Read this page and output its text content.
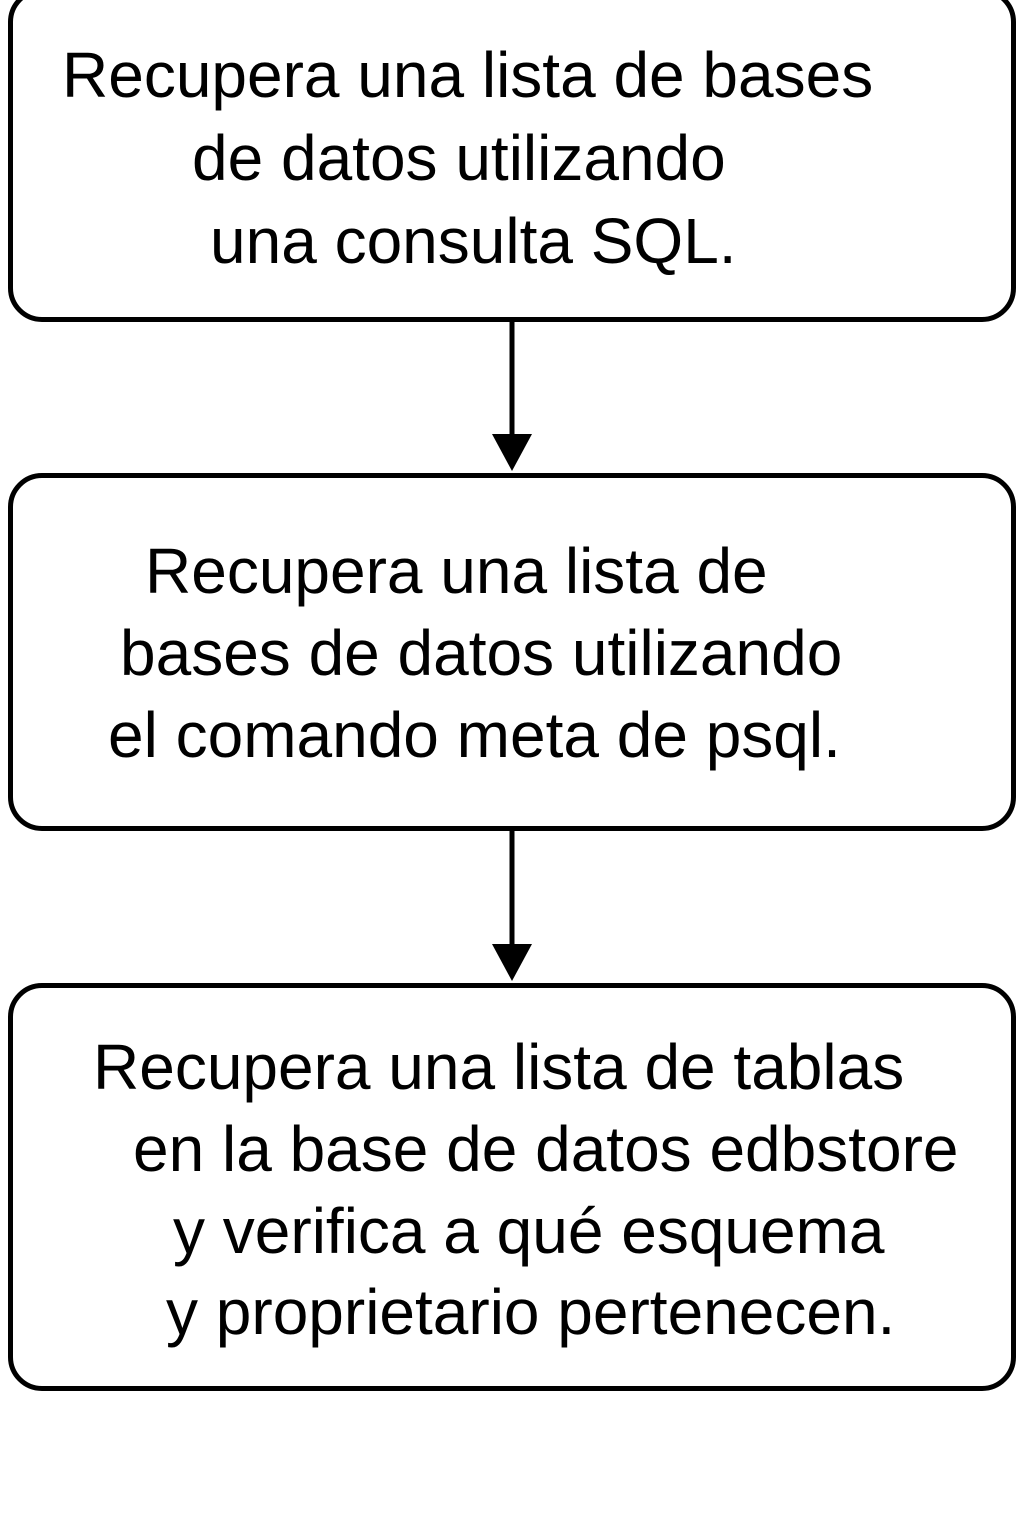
Recupera una lista de bases
de datos utilizando
una consulta SQL.
Recupera una lista de
bases de datos utilizando
el comando meta de psql.
Recupera una lista de tablas
en la base de datos edbstore
y verifica a qué esquema
y proprietario pertenecen.
